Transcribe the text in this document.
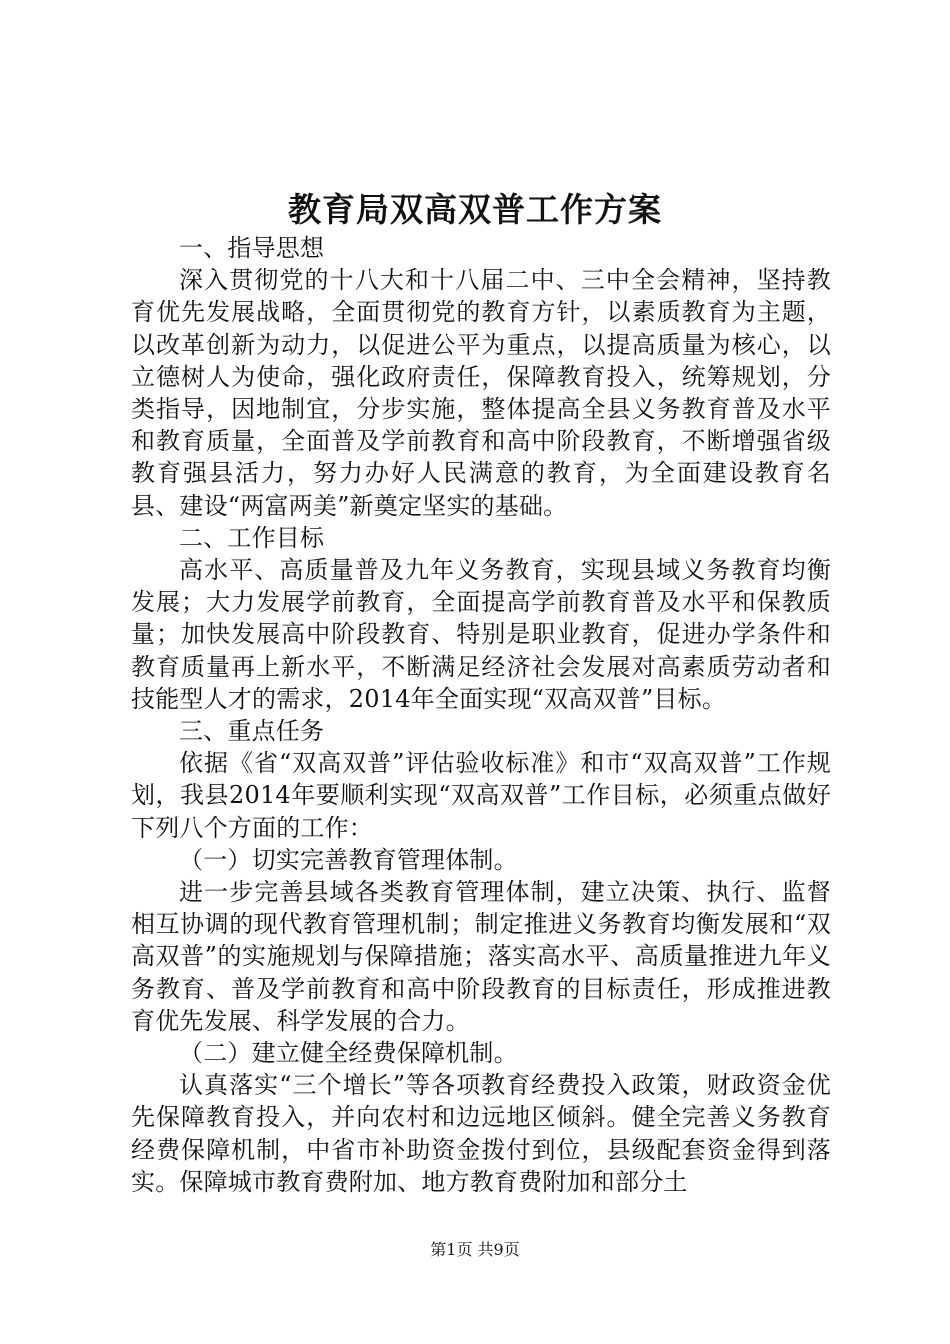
教育局双高双普工作方案

一、指导思想

深入贯彻党的十八大和十八届二中、三中全会精神，坚持教育优先发展战略，全面贯彻党的教育方针，以素质教育为主题，以改革创新为动力，以促进公平为重点，以提高质量为核心，以立德树人为使命，强化政府责任，保障教育投入，统筹规划，分类指导，因地制宜，分步实施，整体提高全县义务教育普及水平和教育质量，全面普及学前教育和高中阶段教育，不断增强省级教育强县活力，努力办好人民满意的教育，为全面建设教育名县、建设“两富两美”新奠定坚实的基础。

二、工作目标

高水平、高质量普及九年义务教育，实现县域义务教育均衡发展；大力发展学前教育，全面提高学前教育普及水平和保教质量；加快发展高中阶段教育、特别是职业教育，促进办学条件和教育质量再上新水平，不断满足经济社会发展对高素质劳动者和技能型人才的需求，2014年全面实现“双高双普”目标。

三、重点任务

依据《省“双高双普”评估验收标准》和市“双高双普”工作规划，我县2014年要顺利实现“双高双普”工作目标，必须重点做好下列八个方面的工作：

（一）切实完善教育管理体制。

进一步完善县域各类教育管理体制，建立决策、执行、监督相互协调的现代教育管理机制；制定推进义务教育均衡发展和“双高双普”的实施规划与保障措施；落实高水平、高质量推进九年义务教育、普及学前教育和高中阶段教育的目标责任，形成推进教育优先发展、科学发展的合力。

（二）建立健全经费保障机制。

认真落实“三个增长”等各项教育经费投入政策，财政资金优先保障教育投入，并向农村和边远地区倾斜。健全完善义务教育经费保障机制，中省市补助资金拨付到位，县级配套资金得到落实。保障城市教育费附加、地方教育费附加和部分土

第1页 共9页
